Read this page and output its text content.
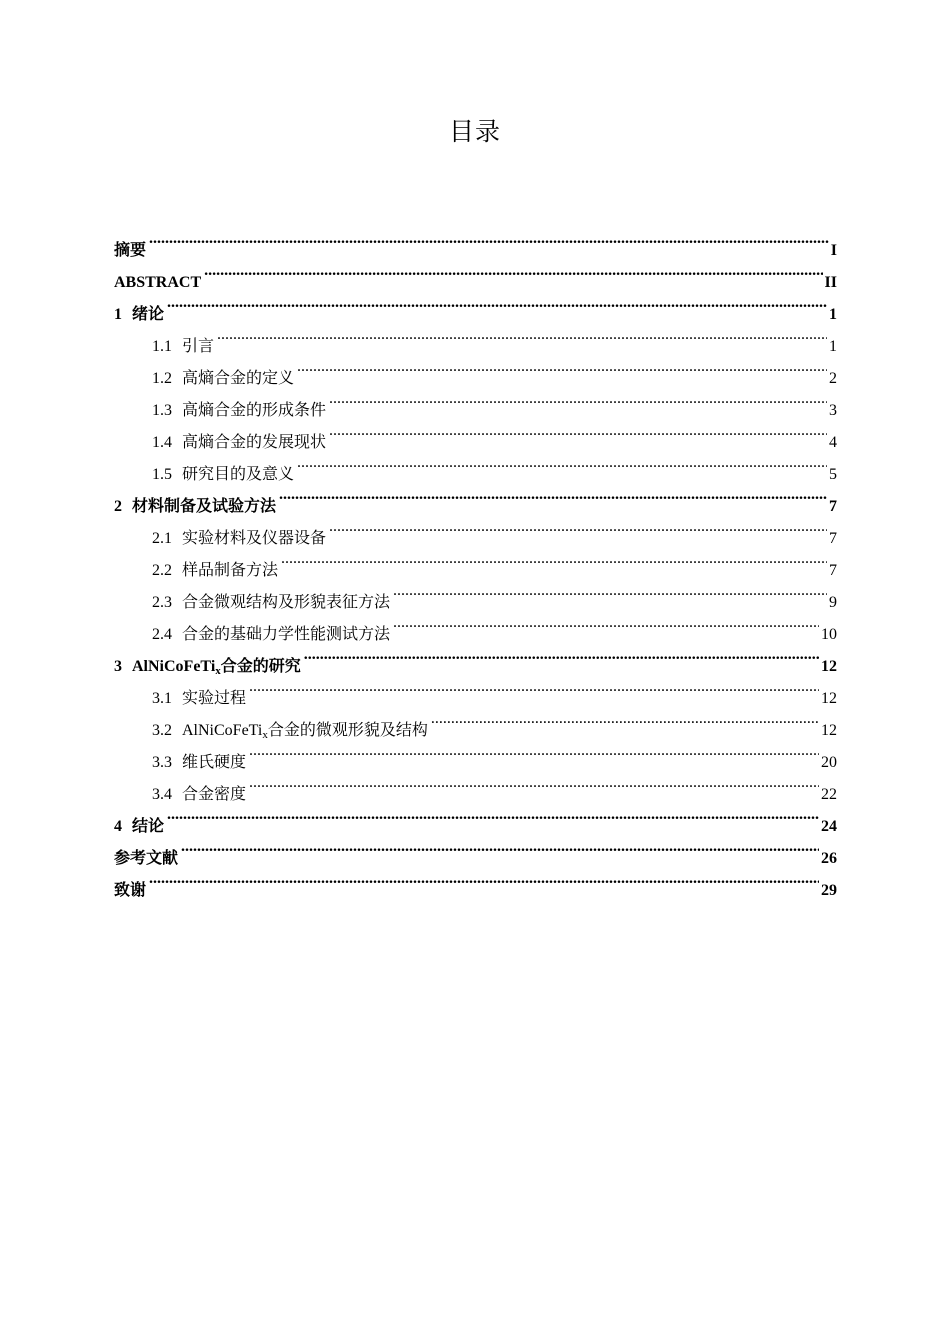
目录
摘要 .....	I
ABSTRACT .....	II
1 绪论 .....	1
1.1 引言 .....	1
1.2 高熵合金的定义 .....	2
1.3 高熵合金的形成条件 .....	3
1.4 高熵合金的发展现状 .....	4
1.5 研究目的及意义 .....	5
2 材料制备及试验方法 .....	7
2.1 实验材料及仪器设备 .....	7
2.2 样品制备方法 .....	7
2.3 合金微观结构及形貌表征方法 .....	9
2.4 合金的基础力学性能测试方法 .....	10
3 AlNiCoFeTi$_x$合金的研究 .....	12
3.1 实验过程 .....	12
3.2 AlNiCoFeTi$_x$合金的微观形貌及结构 .....	12
3.3 维氏硬度 .....	20
3.4 合金密度 .....	22
4 结论 .....	24
参考文献 .....	26
致谢 .....	29
